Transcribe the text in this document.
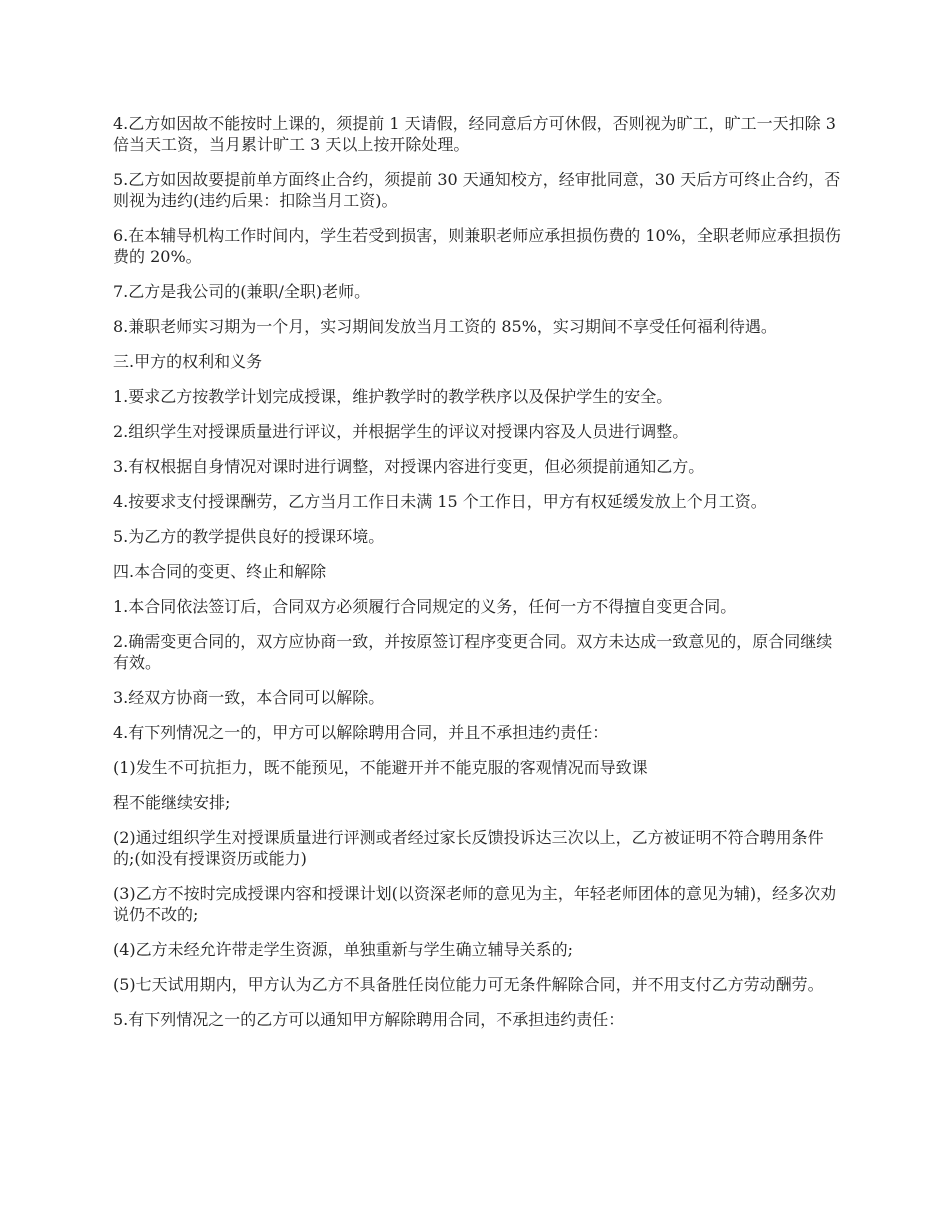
4.乙方如因故不能按时上课的，须提前 1 天请假，经同意后方可休假，否则视为旷工，旷工一天扣除 3 倍当天工资，当月累计旷工 3 天以上按开除处理。

5.乙方如因故要提前单方面终止合约，须提前 30 天通知校方，经审批同意，30 天后方可终止合约，否则视为违约(违约后果：扣除当月工资)。

6.在本辅导机构工作时间内，学生若受到损害，则兼职老师应承担损伤费的 10%，全职老师应承担损伤费的 20%。

7.乙方是我公司的(兼职/全职)老师。

8.兼职老师实习期为一个月，实习期间发放当月工资的 85%，实习期间不享受任何福利待遇。

三.甲方的权利和义务

1.要求乙方按教学计划完成授课，维护教学时的教学秩序以及保护学生的安全。

2.组织学生对授课质量进行评议，并根据学生的评议对授课内容及人员进行调整。

3.有权根据自身情况对课时进行调整，对授课内容进行变更，但必须提前通知乙方。

4.按要求支付授课酬劳，乙方当月工作日未满 15 个工作日，甲方有权延缓发放上个月工资。

5.为乙方的教学提供良好的授课环境。

四.本合同的变更、终止和解除

1.本合同依法签订后，合同双方必须履行合同规定的义务，任何一方不得擅自变更合同。

2.确需变更合同的，双方应协商一致，并按原签订程序变更合同。双方未达成一致意见的，原合同继续有效。

3.经双方协商一致，本合同可以解除。

4.有下列情况之一的，甲方可以解除聘用合同，并且不承担违约责任：

(1)发生不可抗拒力，既不能预见，不能避开并不能克服的客观情况而导致课

程不能继续安排;

(2)通过组织学生对授课质量进行评测或者经过家长反馈投诉达三次以上，乙方被证明不符合聘用条件的;(如没有授课资历或能力)

(3)乙方不按时完成授课内容和授课计划(以资深老师的意见为主，年轻老师团体的意见为辅)，经多次劝说仍不改的;

(4)乙方未经允许带走学生资源，单独重新与学生确立辅导关系的;

(5)七天试用期内，甲方认为乙方不具备胜任岗位能力可无条件解除合同，并不用支付乙方劳动酬劳。

5.有下列情况之一的乙方可以通知甲方解除聘用合同，不承担违约责任：
